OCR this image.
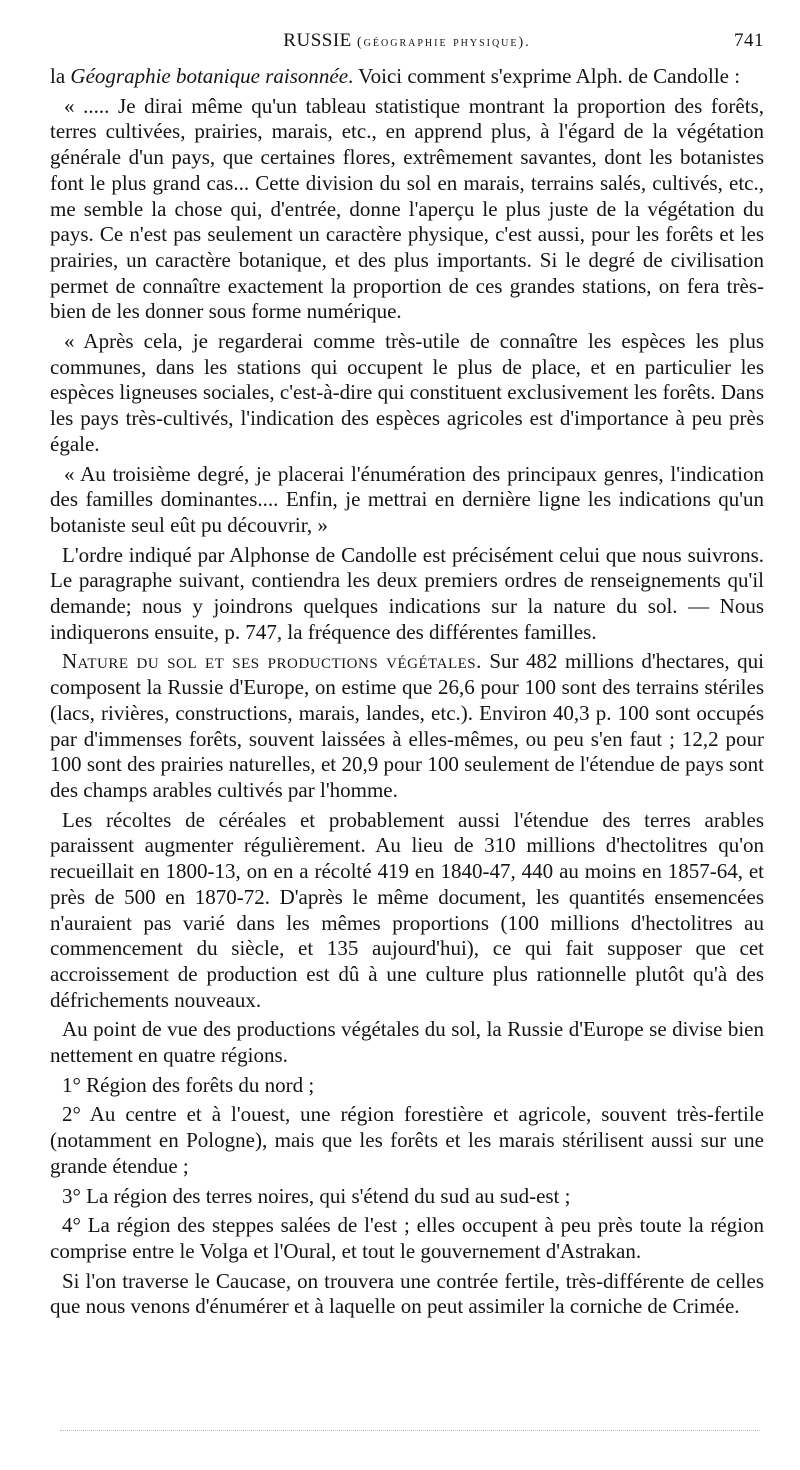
RUSSIE (géographie physique).	741

la Géographie botanique raisonnée. Voici comment s'exprime Alph. de Candolle :

« ..... Je dirai même qu'un tableau statistique montrant la proportion des forêts, terres cultivées, prairies, marais, etc., en apprend plus, à l'égard de la végétation générale d'un pays, que certaines flores, extrêmement savantes, dont les botanistes font le plus grand cas... Cette division du sol en marais, terrains salés, cultivés, etc., me semble la chose qui, d'entrée, donne l'aperçu le plus juste de la végétation du pays. Ce n'est pas seulement un caractère physique, c'est aussi, pour les forêts et les prairies, un caractère botanique, et des plus importants. Si le degré de civilisation permet de connaître exactement la proportion de ces grandes stations, on fera très-bien de les donner sous forme numérique.

« Après cela, je regarderai comme très-utile de connaître les espèces les plus communes, dans les stations qui occupent le plus de place, et en particulier les espèces ligneuses sociales, c'est-à-dire qui constituent exclusivement les forêts. Dans les pays très-cultivés, l'indication des espèces agricoles est d'importance à peu près égale.

« Au troisième degré, je placerai l'énumération des principaux genres, l'indication des familles dominantes.... Enfin, je mettrai en dernière ligne les indications qu'un botaniste seul eût pu découvrir, »

L'ordre indiqué par Alphonse de Candolle est précisément celui que nous suivrons. Le paragraphe suivant, contiendra les deux premiers ordres de renseignements qu'il demande; nous y joindrons quelques indications sur la nature du sol. — Nous indiquerons ensuite, p. 747, la fréquence des différentes familles.

Nature du sol et ses productions végétales. Sur 482 millions d'hectares, qui composent la Russie d'Europe, on estime que 26,6 pour 100 sont des terrains stériles (lacs, rivières, constructions, marais, landes, etc.). Environ 40,3 p. 100 sont occupés par d'immenses forêts, souvent laissées à elles-mêmes, ou peu s'en faut ; 12,2 pour 100 sont des prairies naturelles, et 20,9 pour 100 seulement de l'étendue de pays sont des champs arables cultivés par l'homme.

Les récoltes de céréales et probablement aussi l'étendue des terres arables paraissent augmenter régulièrement. Au lieu de 310 millions d'hectolitres qu'on recueillait en 1800-13, on en a récolté 419 en 1840-47, 440 au moins en 1857-64, et près de 500 en 1870-72. D'après le même document, les quantités ensemencées n'auraient pas varié dans les mêmes proportions (100 millions d'hectolitres au commencement du siècle, et 135 aujourd'hui), ce qui fait supposer que cet accroissement de production est dû à une culture plus rationnelle plutôt qu'à des défrichements nouveaux.

Au point de vue des productions végétales du sol, la Russie d'Europe se divise bien nettement en quatre régions.

1° Région des forêts du nord ;

2° Au centre et à l'ouest, une région forestière et agricole, souvent très-fertile (notamment en Pologne), mais que les forêts et les marais stérilisent aussi sur une grande étendue ;

3° La région des terres noires, qui s'étend du sud au sud-est ;

4° La région des steppes salées de l'est ; elles occupent à peu près toute la région comprise entre le Volga et l'Oural, et tout le gouvernement d'Astrakan.

Si l'on traverse le Caucase, on trouvera une contrée fertile, très-différente de celles que nous venons d'énumérer et à laquelle on peut assimiler la corniche de Crimée.
